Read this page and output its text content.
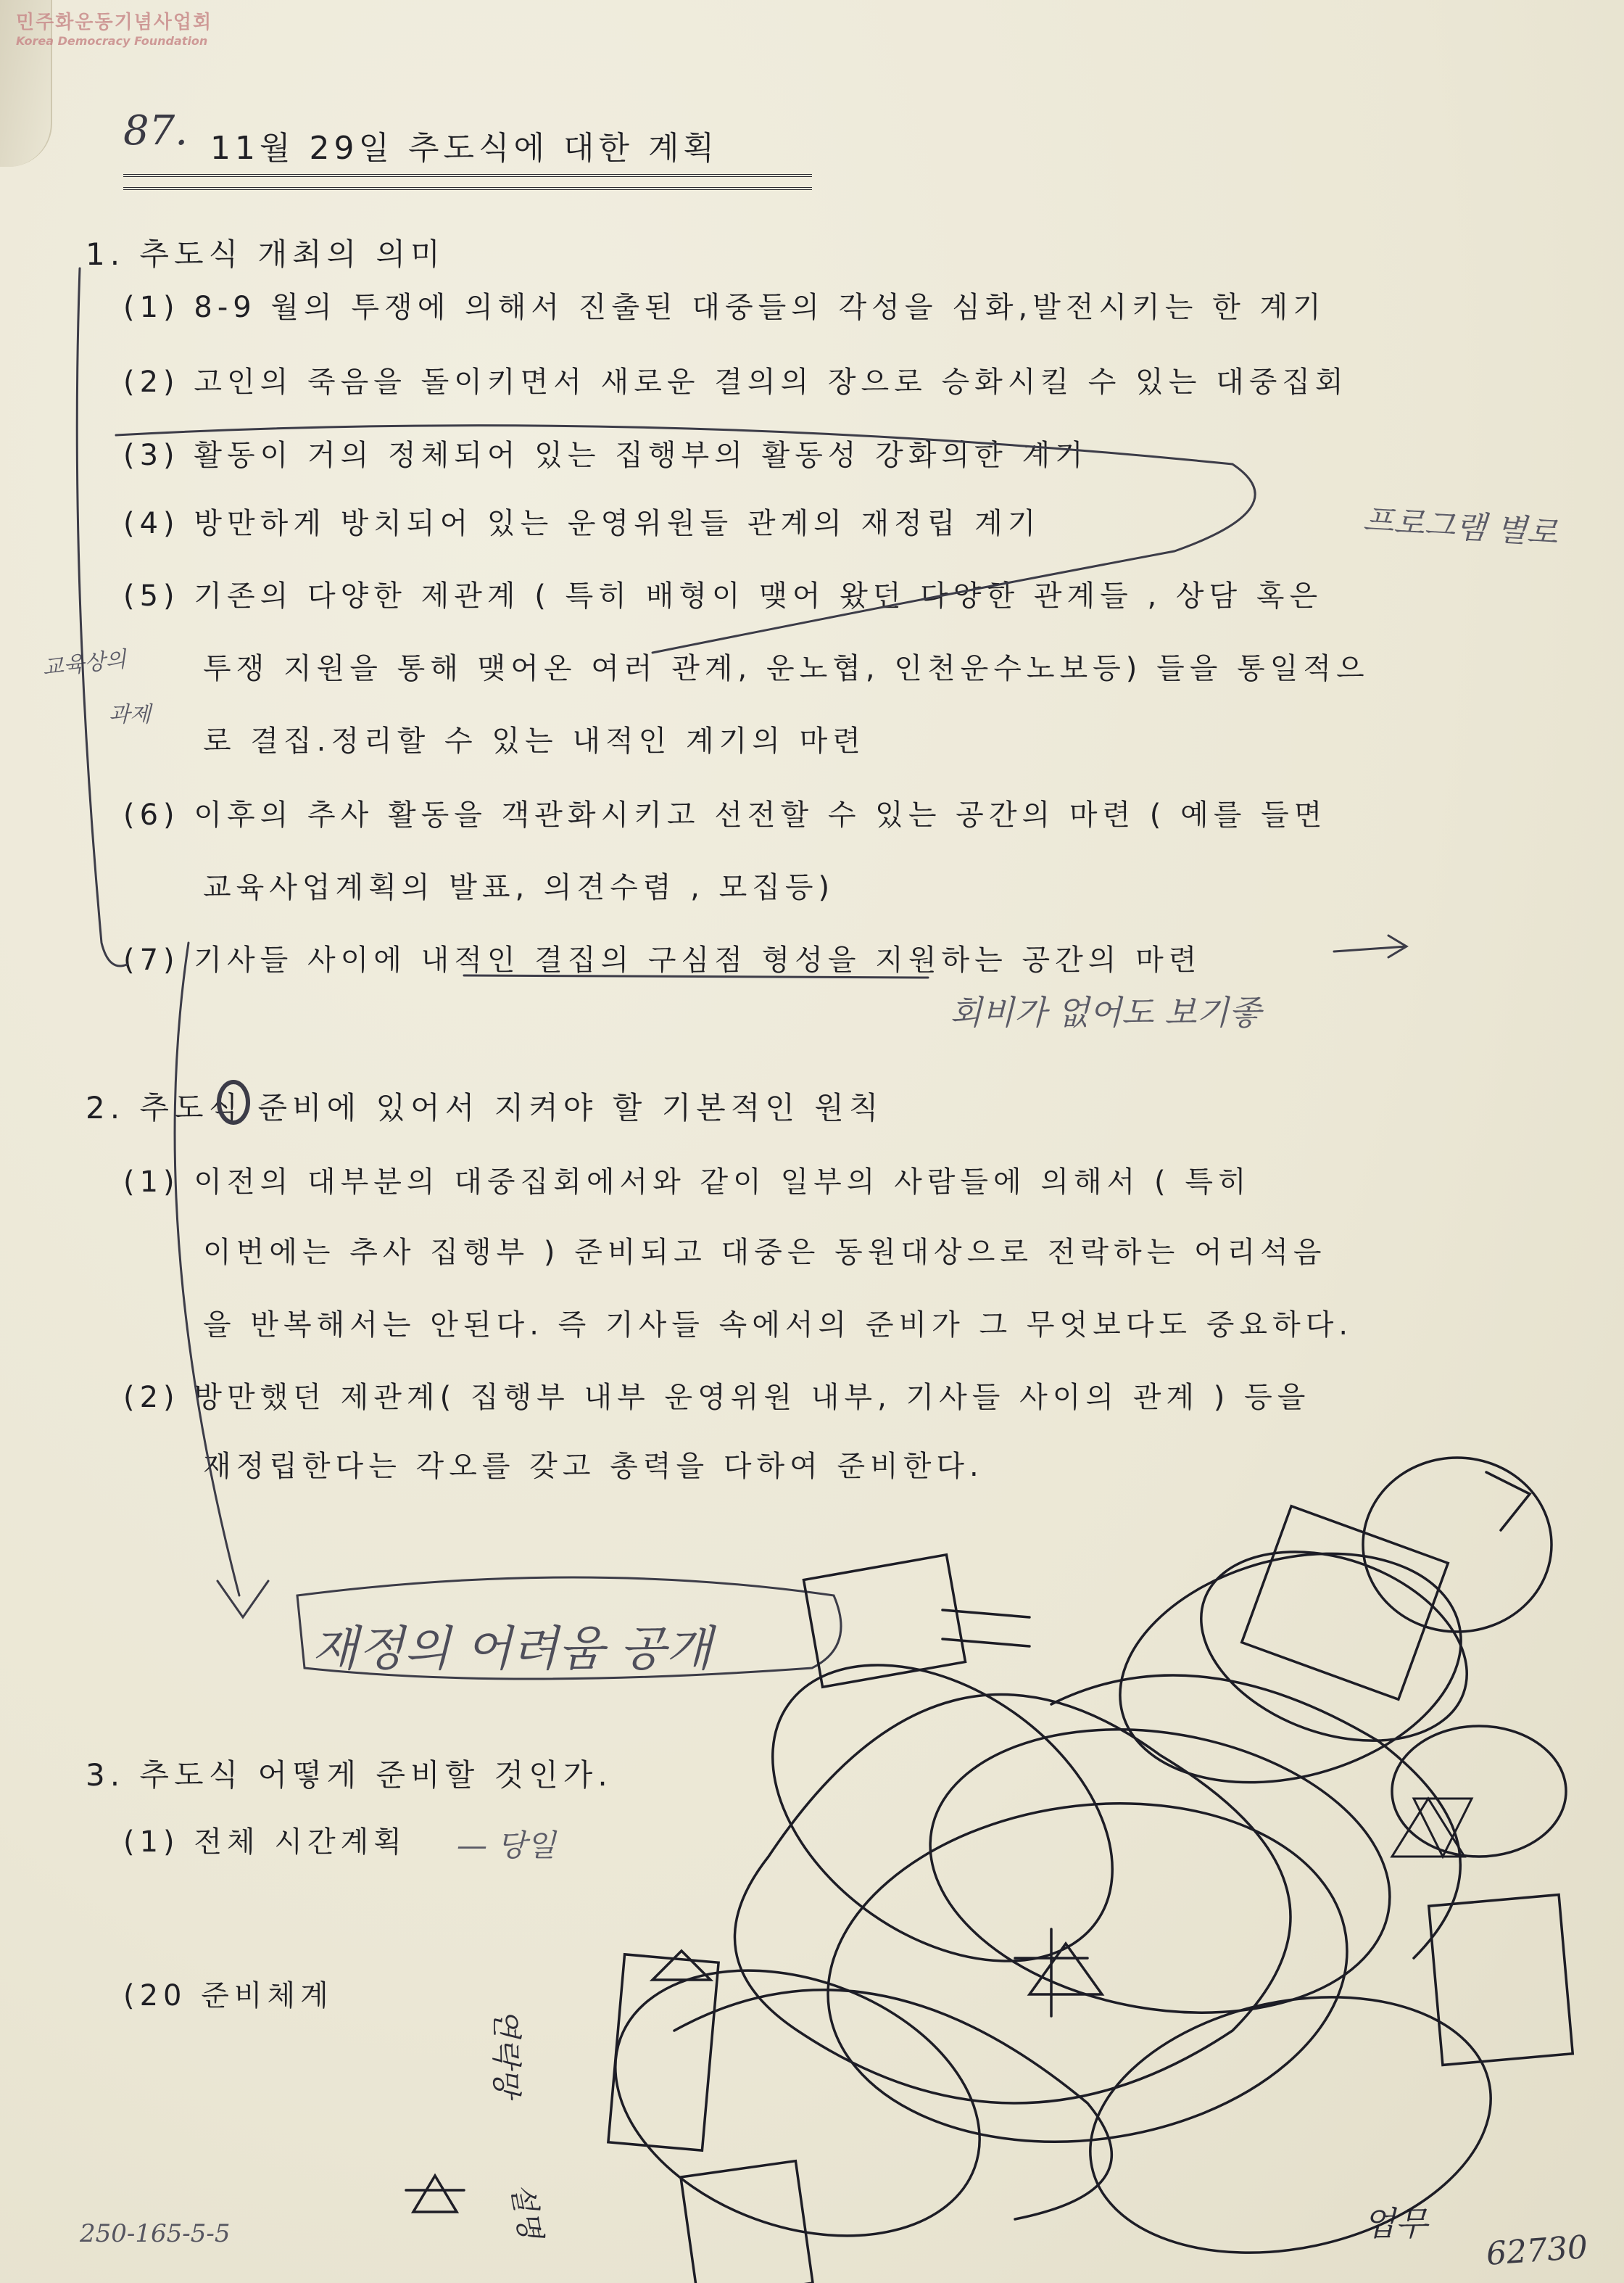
민주화운동기념사업회
Korea Democracy Foundation
87. 11월 29일 추도식에 대한 계획
1. 추도식 개최의 의미
(1) 8-9 월의 투쟁에 의해서 진출된 대중들의 각성을 심화,발전시키는 한 계기
(2) 고인의 죽음을 돌이키면서 새로운 결의의 장으로 승화시킬 수 있는 대중집회
(3) 활동이 거의 정체되어 있는 집행부의 활동성 강화의한 계기
(4) 방만하게 방치되어 있는 운영위원들 관계의 재정립 계기
(5) 기존의 다양한 제관계 ( 특히 배형이 맺어 왔던 다양한 관계들 , 상담 혹은
투쟁 지원을 통해 맺어온 여러 관계, 운노협, 인천운수노보등) 들을 통일적으
로 결집.정리할 수 있는 내적인 계기의 마련
(6) 이후의 추사 활동을 객관화시키고 선전할 수 있는 공간의 마련 ( 예를 들면
교육사업계획의 발표, 의견수렴 , 모집등)
(7) 기사들 사이에 내적인 결집의 구심점 형성을 지원하는 공간의 마련
2. 추도식 준비에 있어서 지켜야 할 기본적인 원칙
(1) 이전의 대부분의 대중집회에서와 같이 일부의 사람들에 의해서 ( 특히
이번에는 추사 집행부 ) 준비되고 대중은 동원대상으로 전락하는 어리석음
을 반복해서는 안된다. 즉 기사들 속에서의 준비가 그 무엇보다도 중요하다.
(2) 방만했던 제관계( 집행부 내부 운영위원 내부, 기사들 사이의 관계 ) 등을
재정립한다는 각오를 갖고 총력을 다하여 준비한다.
3. 추도식 어떻게 준비할 것인가.
(1) 전체 시간계획
(20 준비체계
프로그램 별로
교육상의
과제
회비가 없어도 보기좋
재정의 어려움 공개
— 당일
연락망
설명	업무
250-165-5-5	62730
